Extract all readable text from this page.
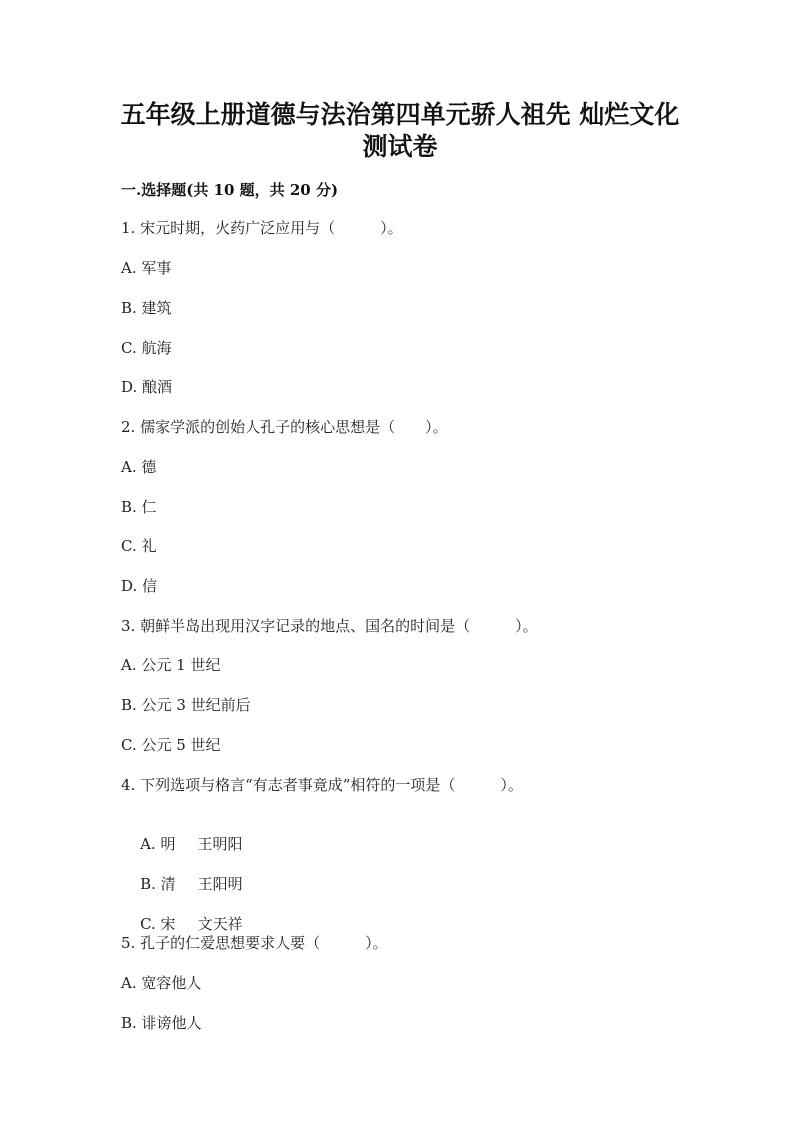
五年级上册道德与法治第四单元骄人祖先 灿烂文化
测试卷
一.选择题(共 10 题，共 20 分)
1. 宋元时期，火药广泛应用与（　　　）。
A. 军事
B. 建筑
C. 航海
D. 酿酒
2. 儒家学派的创始人孔子的核心思想是（　　）。
A. 德
B. 仁
C. 礼
D. 信
3. 朝鲜半岛出现用汉字记录的地点、国名的时间是（　　　）。
A. 公元 1 世纪
B. 公元 3 世纪前后
C. 公元 5 世纪
4. 下列选项与格言“有志者事竟成”相符的一项是（　　　）。

A. 明 王明阳

B. 清 王阳明

C. 宋 文天祥

5. 孔子的仁爱思想要求人要（　　　）。
A. 宽容他人
B. 诽谤他人
